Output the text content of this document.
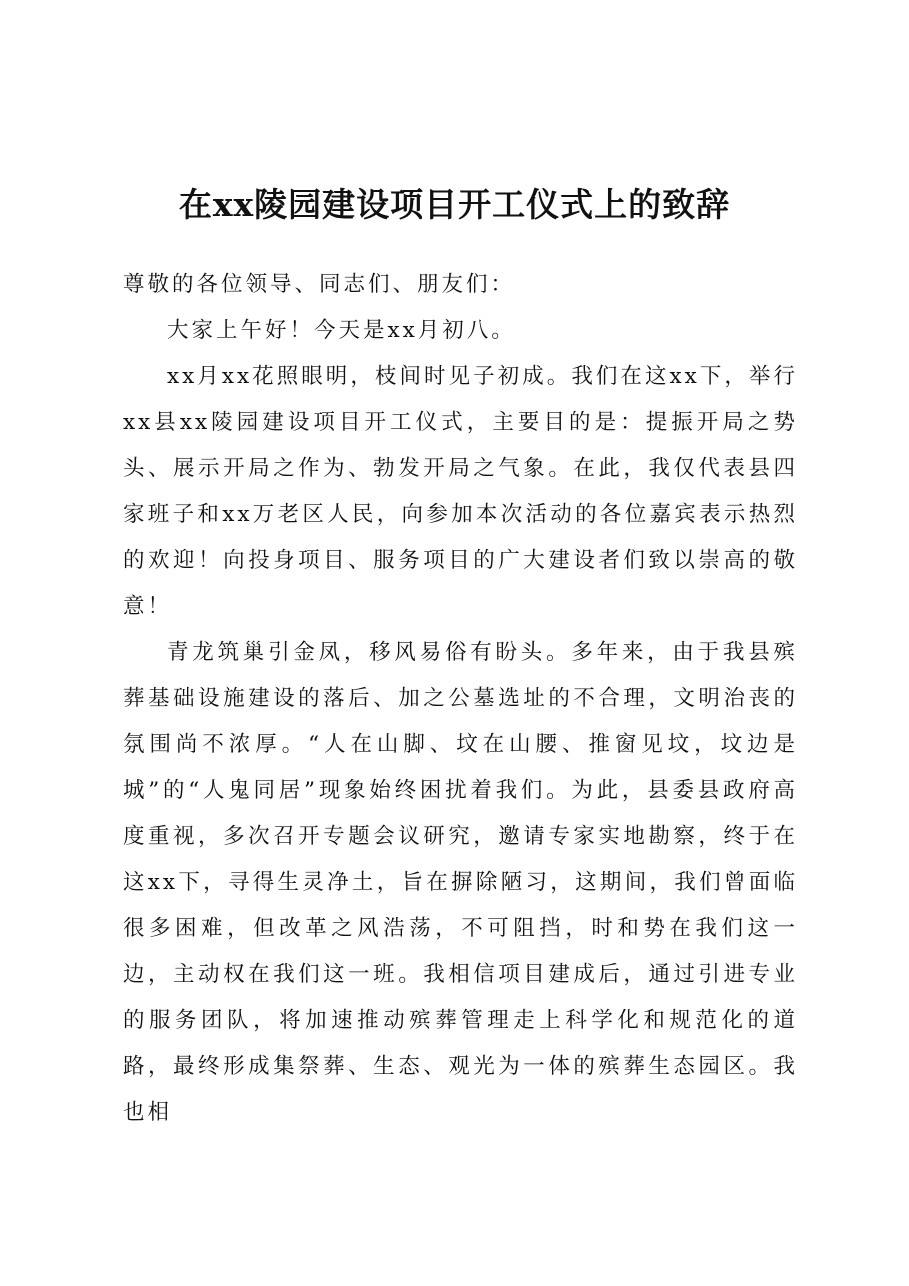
在xx陵园建设项目开工仪式上的致辞

尊敬的各位领导、同志们、朋友们：

大家上午好！今天是xx月初八。

xx月xx花照眼明，枝间时见子初成。我们在这xx下，举行xx县xx陵园建设项目开工仪式，主要目的是：提振开局之势头、展示开局之作为、勃发开局之气象。在此，我仅代表县四家班子和xx万老区人民，向参加本次活动的各位嘉宾表示热烈的欢迎！向投身项目、服务项目的广大建设者们致以崇高的敬意！

青龙筑巢引金凤，移风易俗有盼头。多年来，由于我县殡葬基础设施建设的落后、加之公墓选址的不合理，文明治丧的氛围尚不浓厚。“人在山脚、坟在山腰、推窗见坟，坟边是城”的“人鬼同居”现象始终困扰着我们。为此，县委县政府高度重视，多次召开专题会议研究，邀请专家实地勘察，终于在这xx下，寻得生灵净土，旨在摒除陋习，这期间，我们曾面临很多困难，但改革之风浩荡，不可阻挡，时和势在我们这一边，主动权在我们这一班。我相信项目建成后，通过引进专业的服务团队，将加速推动殡葬管理走上科学化和规范化的道路，最终形成集祭葬、生态、观光为一体的殡葬生态园区。我也相
